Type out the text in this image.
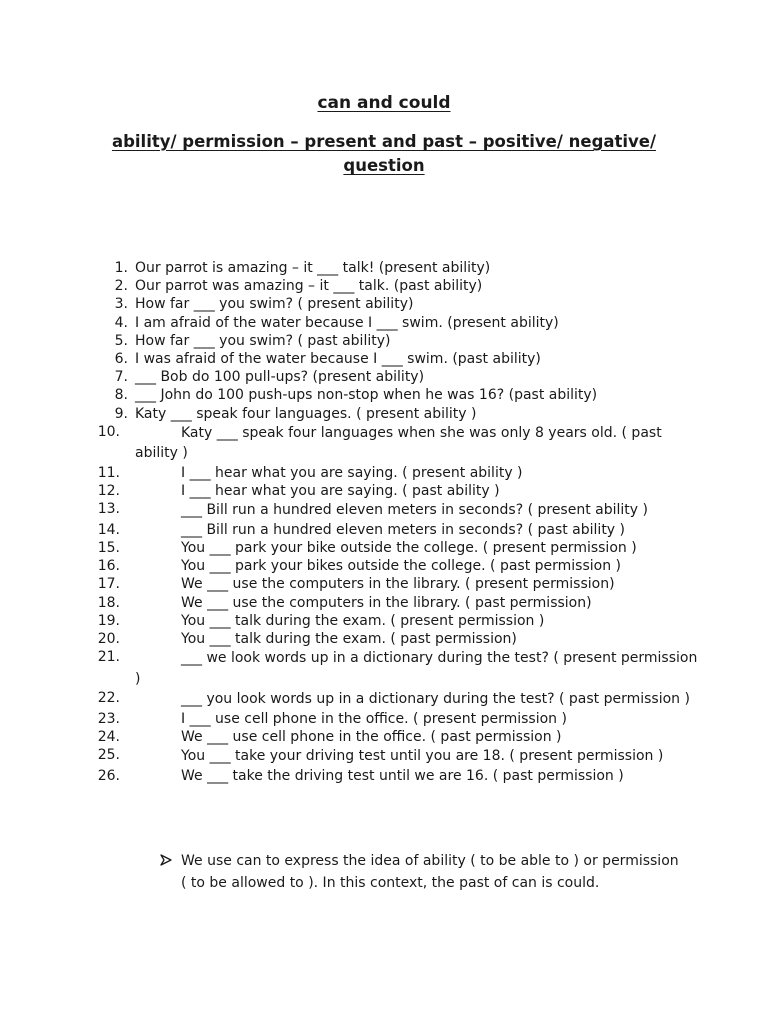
can and could
ability/ permission – present and past – positive/ negative/ question
1. Our parrot is amazing – it ___ talk! (present ability)
2. Our parrot was amazing – it ___ talk. (past ability)
3. How far ___ you swim? ( present ability)
4. I am afraid of the water because I ___ swim. (present ability)
5. How far ___ you swim? ( past ability)
6. I was afraid of the water because I ___ swim. (past ability)
7. ___ Bob do 100 pull-ups? (present ability)
8. ___ John do 100 push-ups non-stop when he was 16? (past ability)
9. Katy ___ speak four languages. ( present ability )
10.	Katy ___ speak four languages when she was only 8 years old. ( past ability )
11.	I ___ hear what you are saying. ( present ability )
12.	I ___ hear what you are saying. ( past ability )
13.	___ Bill run a hundred eleven meters in seconds? ( present ability )
14.	___ Bill run a hundred eleven meters in seconds? ( past ability )
15.	You ___ park your bike outside the college. ( present permission )
16.	You ___ park your bikes outside the college. ( past permission )
17.	We ___ use the computers in the library. ( present permission)
18.	We ___ use the computers in the library. ( past permission)
19.	You ___ talk during the exam. ( present permission )
20.	You ___ talk during the exam. ( past permission)
21.	___ we look words up in a dictionary during the test? ( present permission )
22.	___ you look words up in a dictionary during the test? ( past permission )
23.	I ___ use cell phone in the office. ( present permission )
24.	We ___ use cell phone in the office. ( past permission )
25.	You ___ take your driving test until you are 18. ( present permission )
26.	We ___ take the driving test until we are 16. ( past permission )
We use can to express the idea of ability ( to be able to ) or permission ( to be allowed to ). In this context, the past of can is could.
